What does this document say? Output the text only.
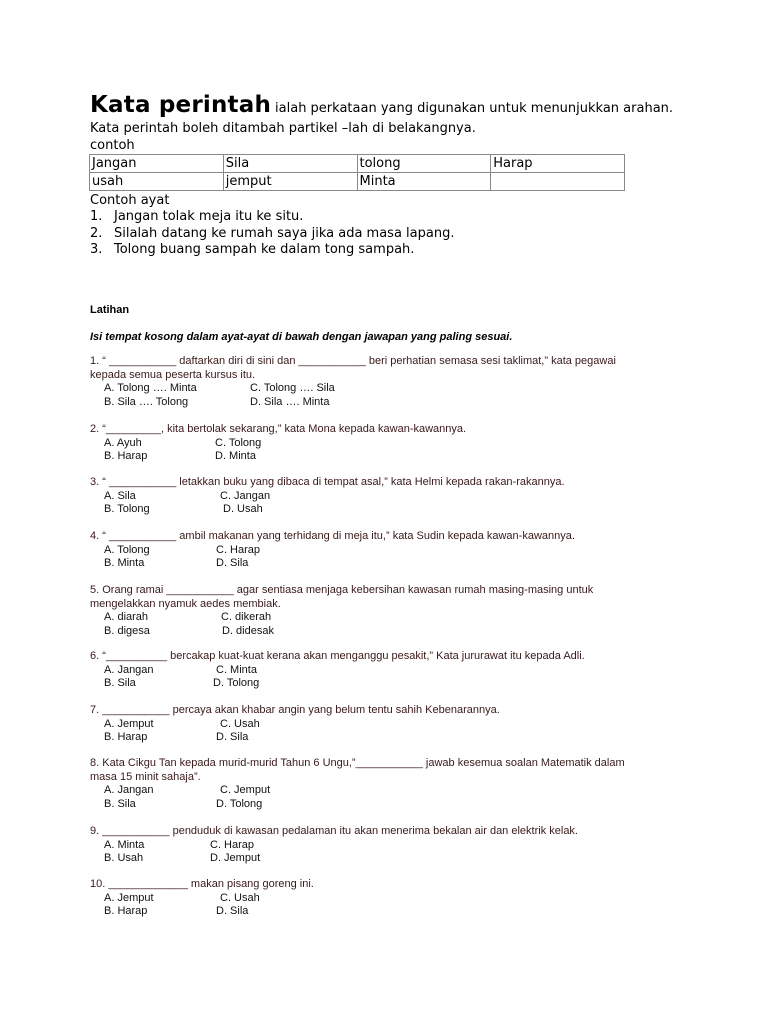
Kata perintah ialah perkataan yang digunakan untuk menunjukkan arahan.
Kata perintah boleh ditambah partikel –lah di belakangnya.
contoh
Jangan	Sila	tolong	Harap
usah	jemput	Minta	
Contoh ayat
1. Jangan tolak meja itu ke situ.
2. Silalah datang ke rumah saya jika ada masa lapang.
3. Tolong buang sampah ke dalam tong sampah.
Latihan
Isi tempat kosong dalam ayat-ayat di bawah dengan jawapan yang paling sesuai.
1. “ ___________ daftarkan diri di sini dan ___________ beri perhatian semasa sesi taklimat,” kata pegawai kepada semua peserta kursus itu.
A. Tolong …. Minta	C. Tolong …. Sila
B. Sila …. Tolong	D. Sila …. Minta
2. “_________, kita bertolak sekarang,” kata Mona kepada kawan-kawannya.
A. Ayuh	C. Tolong
B. Harap	D. Minta
3. “ ___________ letakkan buku yang dibaca di tempat asal,” kata Helmi kepada rakan-rakannya.
A. Sila	C. Jangan
B. Tolong	D. Usah
4. “ ___________ ambil makanan yang terhidang di meja itu,” kata Sudin kepada kawan-kawannya.
A. Tolong	C. Harap
B. Minta	D. Sila
5. Orang ramai ___________ agar sentiasa menjaga kebersihan kawasan rumah masing-masing untuk mengelakkan nyamuk aedes membiak.
A. diarah	C. dikerah
B. digesa	D. didesak
6. “__________ bercakap kuat-kuat kerana akan menganggu pesakit,” Kata jururawat itu kepada Adli.
A. Jangan	C. Minta
B. Sila	D. Tolong
7. ___________ percaya akan khabar angin yang belum tentu sahih Kebenarannya.
A. Jemput	C. Usah
B. Harap	D. Sila
8. Kata Cikgu Tan kepada murid-murid Tahun 6 Ungu,”___________ jawab kesemua soalan Matematik dalam masa 15 minit sahaja”.
A. Jangan	C. Jemput
B. Sila	D. Tolong
9. ___________ penduduk di kawasan pedalaman itu akan menerima bekalan air dan elektrik kelak.
A. Minta	C. Harap
B. Usah	D. Jemput
10. _____________ makan pisang goreng ini.
A. Jemput	C. Usah
B. Harap	D. Sila
